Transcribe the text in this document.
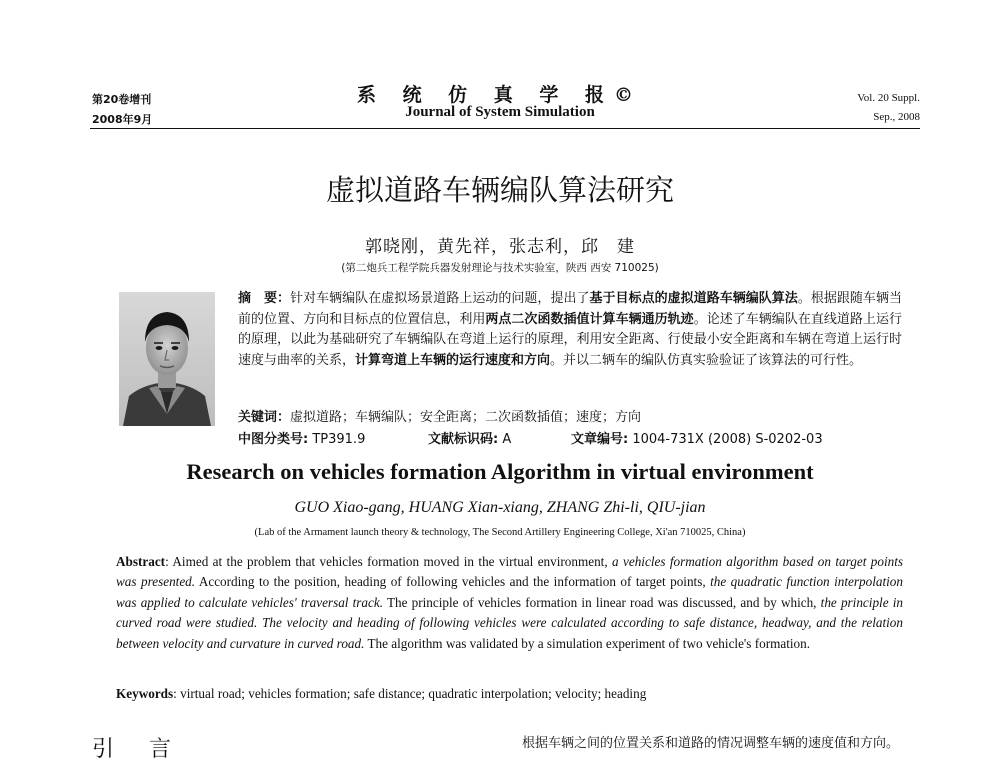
第20卷增刊
2008年9月
系 统 仿 真 学 报©
Journal of System Simulation
Vol. 20 Suppl.
Sep., 2008
虚拟道路车辆编队算法研究
郭晓刚，黄先祥，张志利，邱　建
(第二炮兵工程学院兵器发射理论与技术实验室，陕西 西安 710025)
摘　要：针对车辆编队在虚拟场景道路上运动的问题，提出了基于目标点的虚拟道路车辆编队算法。根据跟随车辆当前的位置、方向和目标点的位置信息，利用两点二次函数插值计算车辆通历轨迹。论述了车辆编队在直线道路上运行的原理，以此为基础研究了车辆编队在弯道上运行的原理，利用安全距离、行使最小安全距离和车辆在弯道上运行时速度与曲率的关系，计算弯道上车辆的运行速度和方向。并以二辆车的编队仿真实验验证了该算法的可行性。
关键词：虚拟道路；车辆编队；安全距离；二次函数插值；速度；方向
中图分类号: TP391.9	文献标识码: A	文章编号: 1004-731X (2008) S-0202-03
Research on vehicles formation Algorithm in virtual environment
GUO Xiao-gang, HUANG Xian-xiang, ZHANG Zhi-li, QIU-jian
(Lab of the Armament launch theory & technology, The Second Artillery Engineering College, Xi'an 710025, China)
Abstract: Aimed at the problem that vehicles formation moved in the virtual environment, a vehicles formation algorithm based on target points was presented. According to the position, heading of following vehicles and the information of target points, the quadratic function interpolation was applied to calculate vehicles' traversal track. The principle of vehicles formation in linear road was discussed, and by which, the principle in curved road were studied. The velocity and heading of following vehicles were calculated according to safe distance, headway, and the relation between velocity and curvature in curved road. The algorithm was validated by a simulation experiment of two vehicle's formation.
Keywords: virtual road; vehicles formation; safe distance; quadratic interpolation; velocity; heading
引 言	根据车辆之间的位置关系和道路的情况调整车辆的速度值和方向。
